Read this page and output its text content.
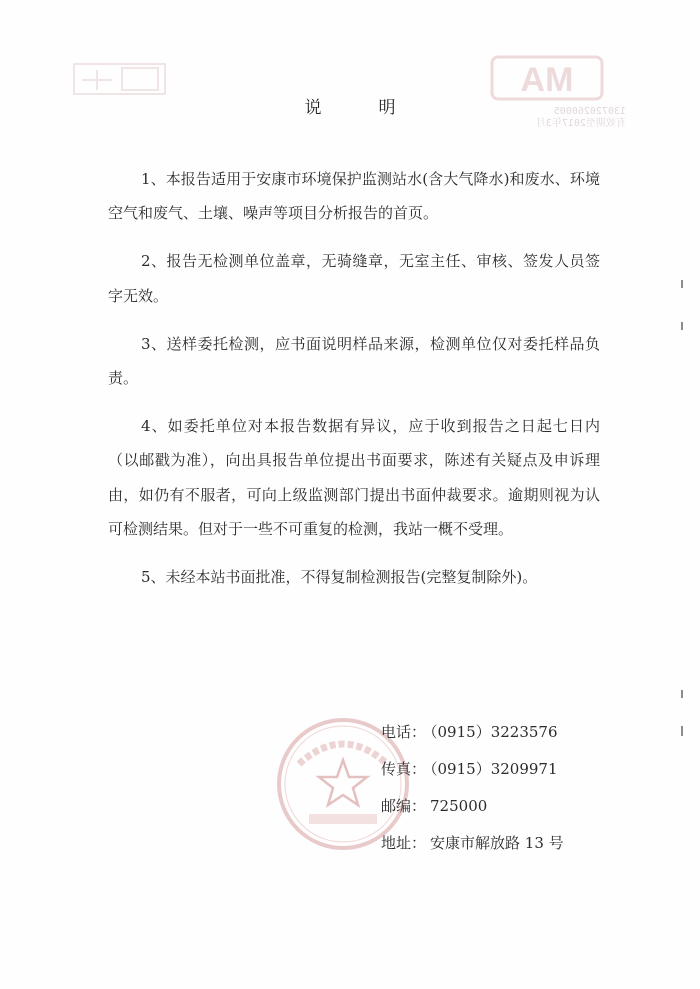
AM
130720260005
有效期至2017年3月
说　明

1、本报告适用于安康市环境保护监测站水(含大气降水)和废水、环境空气和废气、土壤、噪声等项目分析报告的首页。

2、报告无检测单位盖章，无骑缝章，无室主任、审核、签发人员签字无效。

3、送样委托检测，应书面说明样品来源，检测单位仅对委托样品负责。

4、如委托单位对本报告数据有异议，应于收到报告之日起七日内（以邮戳为准），向出具报告单位提出书面要求，陈述有关疑点及申诉理由，如仍有不服者，可向上级监测部门提出书面仲裁要求。逾期则视为认可检测结果。但对于一些不可重复的检测，我站一概不受理。

5、未经本站书面批准，不得复制检测报告(完整复制除外)。

电话： （0915）3223576
传真： （0915）3209971
邮编： 725000
地址： 安康市解放路 13 号
